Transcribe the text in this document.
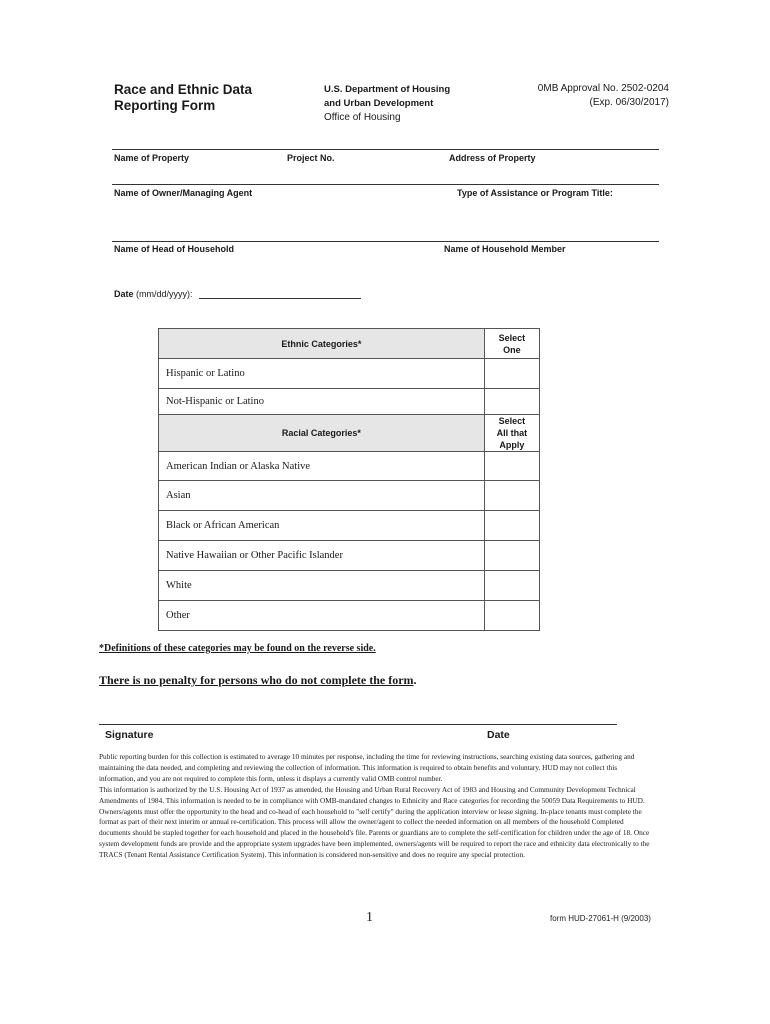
Race and Ethnic Data
Reporting Form
U.S. Department of Housing
and Urban Development
Office of Housing
0MB Approval No. 2502-0204
(Exp. 06/30/2017)
Name of Property	Project No.	Address of Property
Name of Owner/Managing Agent	Type of Assistance or Program Title:
Name of Head of Household	Name of Household Member
Date (mm/dd/yyyy):
Ethnic Categories*	Select
One

Hispanic or Latino	
Not-Hispanic or Latino	
Racial Categories*	Select
All that
Apply

American Indian or Alaska Native	
Asian	
Black or African American	
Native Hawaiian or Other Pacific Islander	
White	
Other	
*Definitions of these categories may be found on the reverse side.
There is no penalty for persons who do not complete the form.
Signature	Date

Public reporting burden for this collection is estimated to average 10 minutes per response, including the time for reviewing instructions, searching existing data sources, gathering and maintaining the data needed, and completing and reviewing the collection of information. This information is required to obtain benefits and voluntary. HUD may not collect this information, and you are not required to complete this form, unless it displays a currently valid OMB control number.

This information is authorized by the U.S. Housing Act of 1937 as amended, the Housing and Urban Rural Recovery Act of 1983 and Housing and Community Development Technical Amendments of 1984. This information is needed to be in compliance with OMB-mandated changes to Ethnicity and Race categories for recording the 50059 Data Requirements to HUD. Owners/agents must offer the opportunity to the head and co-head of each household to "self certify" during the application interview or lease signing. In-place tenants must complete the format as part of their next interim or annual re-certification. This process will allow the owner/agent to collect the needed information on all members of the household Completed documents should be stapled together for each household and placed in the household's file. Parents or guardians are to complete the self-certification for children under the age of 18. Once system development funds are provide and the appropriate system upgrades have been implemented, owners/agents will be required to report the race and ethnicity data electronically to the TRACS (Tenant Rental Assistance Certification System). This information is considered non-sensitive and does no require any special protection.

1	form HUD-27061-H (9/2003)
